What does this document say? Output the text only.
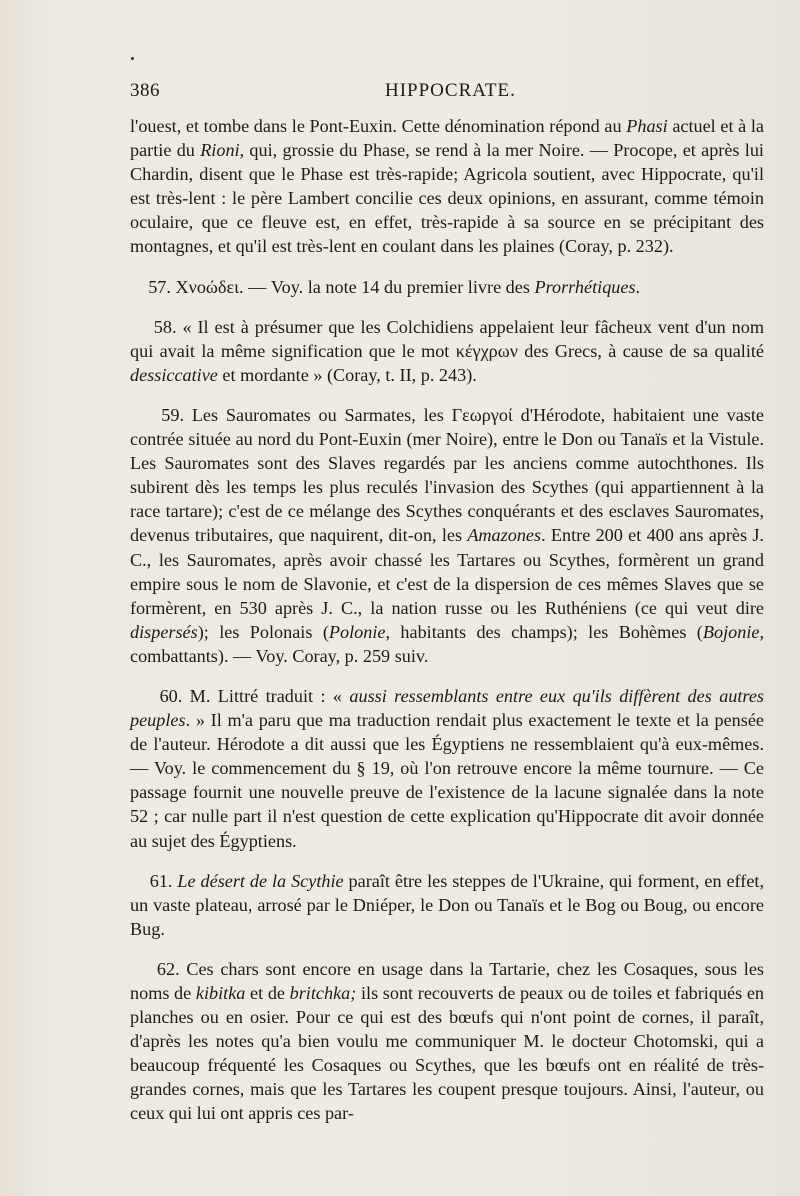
386	HIPPOCRATE.

l'ouest, et tombe dans le Pont-Euxin. Cette dénomination répond au Phasi actuel et à la partie du Rioni, qui, grossie du Phase, se rend à la mer Noire. — Procope, et après lui Chardin, disent que le Phase est très-rapide; Agricola soutient, avec Hippocrate, qu'il est très-lent : le père Lambert concilie ces deux opinions, en assurant, comme témoin oculaire, que ce fleuve est, en effet, très-rapide à sa source en se précipitant des montagnes, et qu'il est très-lent en coulant dans les plaines (Coray, p. 232).

57. Χνοώδει. — Voy. la note 14 du premier livre des Prorrhétiques.

58. « Il est à présumer que les Colchidiens appelaient leur fâcheux vent d'un nom qui avait la même signification que le mot κέγχρων des Grecs, à cause de sa qualité dessiccative et mordante » (Coray, t. II, p. 243).

59. Les Sauromates ou Sarmates, les Γεωργοί d'Hérodote, habitaient une vaste contrée située au nord du Pont-Euxin (mer Noire), entre le Don ou Tanaïs et la Vistule. Les Sauromates sont des Slaves regardés par les anciens comme autochthones. Ils subirent dès les temps les plus reculés l'invasion des Scythes (qui appartiennent à la race tartare); c'est de ce mélange des Scythes conquérants et des esclaves Sauromates, devenus tributaires, que naquirent, dit-on, les Amazones. Entre 200 et 400 ans après J. C., les Sauromates, après avoir chassé les Tartares ou Scythes, formèrent un grand empire sous le nom de Slavonie, et c'est de la dispersion de ces mêmes Slaves que se formèrent, en 530 après J. C., la nation russe ou les Ruthéniens (ce qui veut dire dispersés); les Polonais (Polonie, habitants des champs); les Bohèmes (Bojonie, combattants). — Voy. Coray, p. 259 suiv.

60. M. Littré traduit : « aussi ressemblants entre eux qu'ils diffèrent des autres peuples. » Il m'a paru que ma traduction rendait plus exactement le texte et la pensée de l'auteur. Hérodote a dit aussi que les Égyptiens ne ressemblaient qu'à eux-mêmes. — Voy. le commencement du § 19, où l'on retrouve encore la même tournure. — Ce passage fournit une nouvelle preuve de l'existence de la lacune signalée dans la note 52 ; car nulle part il n'est question de cette explication qu'Hippocrate dit avoir donnée au sujet des Égyptiens.

61. Le désert de la Scythie paraît être les steppes de l'Ukraine, qui forment, en effet, un vaste plateau, arrosé par le Dniéper, le Don ou Tanaïs et le Bog ou Boug, ou encore Bug.

62. Ces chars sont encore en usage dans la Tartarie, chez les Cosaques, sous les noms de kibitka et de britchka; ils sont recouverts de peaux ou de toiles et fabriqués en planches ou en osier. Pour ce qui est des bœufs qui n'ont point de cornes, il paraît, d'après les notes qu'a bien voulu me communiquer M. le docteur Chotomski, qui a beaucoup fréquenté les Cosaques ou Scythes, que les bœufs ont en réalité de très-grandes cornes, mais que les Tartares les coupent presque toujours. Ainsi, l'auteur, ou ceux qui lui ont appris ces par-
